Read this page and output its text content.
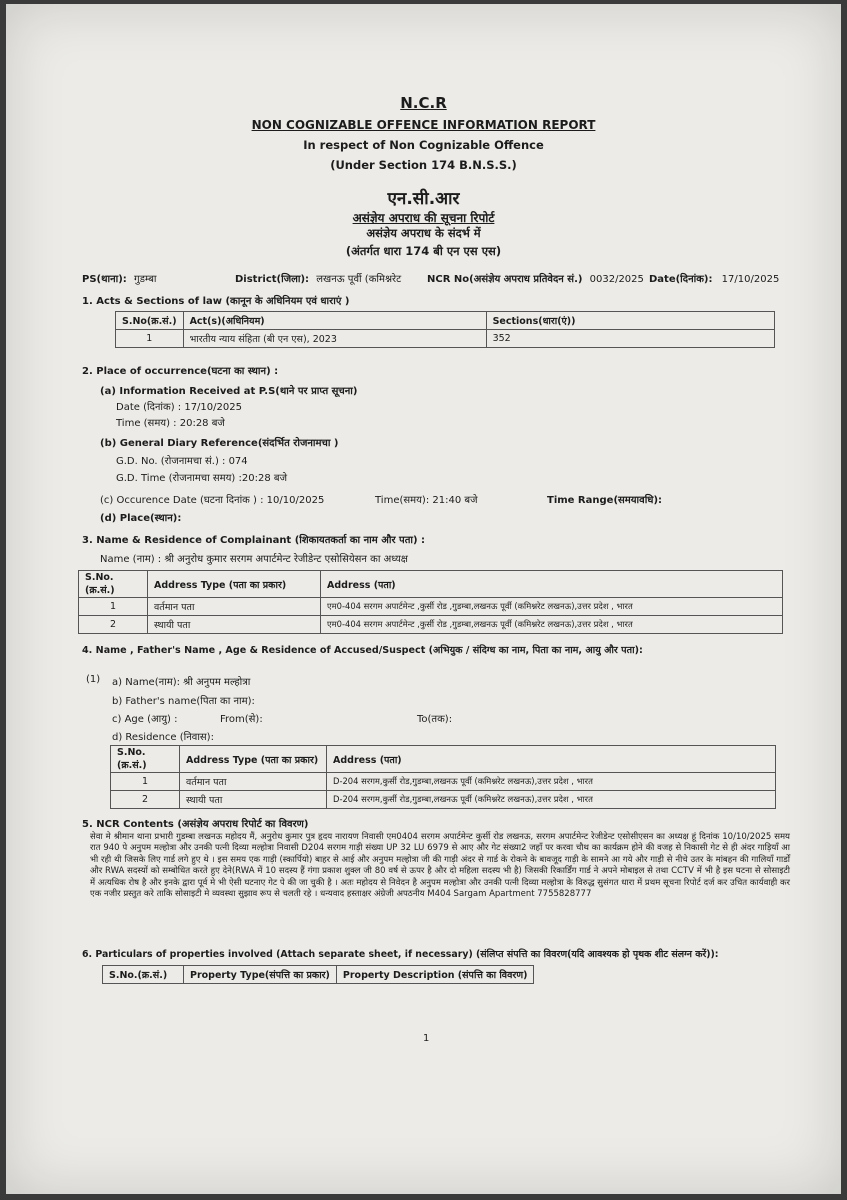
N.C.R
NON COGNIZABLE OFFENCE INFORMATION REPORT
In respect of Non Cognizable Offence
(Under Section 174 B.N.S.S.)
एन.सी.आर
असंज्ञेय अपराध की सूचना रिपोर्ट
असंज्ञेय अपराध के संदर्भ में
(अंतर्गत धारा 174 बी एन एस एस)
PS(थाना): गुडम्बा	District(जिला): लखनऊ पूर्वी (कमिश्नरेट	NCR No(असंज्ञेय अपराध प्रतिवेदन सं.) 0032/2025 Date(दिनांक): 17/10/2025
1. Acts & Sections of law (कानून के अधिनियम एवं धाराएं )
S.No(क्र.सं.)	Act(s)(अधिनियम)	Sections(धारा(एं))
1	भारतीय न्याय संहिता (बी एन एस), 2023	352
2. Place of occurrence(घटना का स्थान) :
(a) Information Received at P.S(थाने पर प्राप्त सूचना)
Date (दिनांक) : 17/10/2025
Time (समय) : 20:28 बजे
(b) General Diary Reference(संदर्भित रोजनामचा )
G.D. No. (रोजनामचा सं.) : 074
G.D. Time (रोजनामचा समय) :20:28 बजे
(c) Occurence Date (घटना दिनांक ) : 10/10/2025	Time(समय): 21:40 बजे	Time Range(समयावधि):
(d) Place(स्थान):
3. Name & Residence of Complainant (शिकायतकर्ता का नाम और पता) :
Name (नाम) : श्री अनुरोध कुमार सरगम अपार्टमेन्ट रेजीडेन्ट एसोसियेसन का अध्यक्ष
S.No.(क्र.सं.)	Address Type (पता का प्रकार)	Address (पता)
1	वर्तमान पता	एम0-404 सरगम अपार्टमेन्ट ,कुर्सी रोड ,गुडम्बा,लखनऊ पूर्वी (कमिश्नरेट लखनऊ),उत्तर प्रदेश , भारत
2	स्थायी पता	एम0-404 सरगम अपार्टमेन्ट ,कुर्सी रोड ,गुडम्बा,लखनऊ पूर्वी (कमिश्नरेट लखनऊ),उत्तर प्रदेश , भारत
4. Name , Father's Name , Age & Residence of Accused/Suspect (अभियुक / संदिग्ध का नाम, पिता का नाम, आयु और पता):
(1) a) Name(नाम): श्री अनुपम मल्होत्रा
b) Father's name(पिता का नाम):
c) Age (आयु) :	From(से):	To(तक):
d) Residence (निवास):
S.No.(क्र.सं.)	Address Type (पता का प्रकार)	Address (पता)
1	वर्तमान पता	D-204 सरगम,कुर्सी रोड,गुडम्बा,लखनऊ पूर्वी (कमिश्नरेट लखनऊ),उत्तर प्रदेश , भारत
2	स्थायी पता	D-204 सरगम,कुर्सी रोड,गुडम्बा,लखनऊ पूर्वी (कमिश्नरेट लखनऊ),उत्तर प्रदेश , भारत
5. NCR Contents (असंज्ञेय अपराध रिपोर्ट का विवरण)
सेवा मे श्रीमान थाना प्रभारी गुडम्बा लखनऊ महोदय मैं, अनुरोध कुमार पुत्र हृदय नारायण निवासी एम0404 सरगम अपार्टमेन्ट कुर्सी रोड लखनऊ, सरगम अपार्टमेन्ट रेजीडेन्ट एसोसीएसन का अध्यक्ष हूं दिनांक 10/10/2025 समय रात 940 पे अनुपम मल्होत्रा और उनकी पत्नी दिव्या मल्होत्रा निवासी D204 सरगम गाड़ी संख्या UP 32 LU 6979 से आए और गेट संख्या2 जहाँ पर करवा चौथ का कार्यक्रम होने की वजह से निकासी गेट से ही अंदर गाड़ियाँ आ भी रही थी जिसके लिए गार्ड लगे हुए थे । इस समय एक गाड़ी (स्कार्पियो) बाहर से आई और अनुपम मल्होत्रा जी की गाड़ी अंदर से गार्ड के रोकने के बावजूद गाड़ी के सामने आ गये और गाड़ी से नीचे उतर के मांबहन की गालियाँ गार्डों और RWA सदस्यों को सम्बोधित करते हुए देने(RWA में 10 सदस्य हैं गंगा प्रकाश शुक्ल जी 80 वर्ष से ऊपर है और दो महिला सदस्य भी है) जिसकी रिकार्डिंग गार्ड ने अपने मोबाइल से तथा CCTV में भी है इस घटना से सोसाइटी में अत्यधिक रोष है और इनके द्वारा पूर्व मे भी ऐसी घटनाए गेट पे की जा चुकी है । अतः महोदय से निवेदन है अनुपम मल्होत्रा और उनकी पत्नी दिव्या मल्होत्रा के विरुद्ध सुसंगत धारा में प्रथम सूचना रिपोर्ट दर्ज कर उचित कार्यवाही कर एक नजीर प्रस्तुत करे ताकि सोसाइटी मे व्यवस्था सुझाव रूप से चलती रहे । धन्यवाद हस्ताक्षर अंग्रेजी अपठनीय M404 Sargam Apartment 7755828777
6. Particulars of properties involved (Attach separate sheet, if necessary) (संलिप्त संपत्ति का विवरण(यदि आवश्यक हो पृथक शीट संलग्न करें)):
S.No.(क्र.सं.)	Property Type(संपत्ति का प्रकार)	Property Description (संपत्ति का विवरण)
1
